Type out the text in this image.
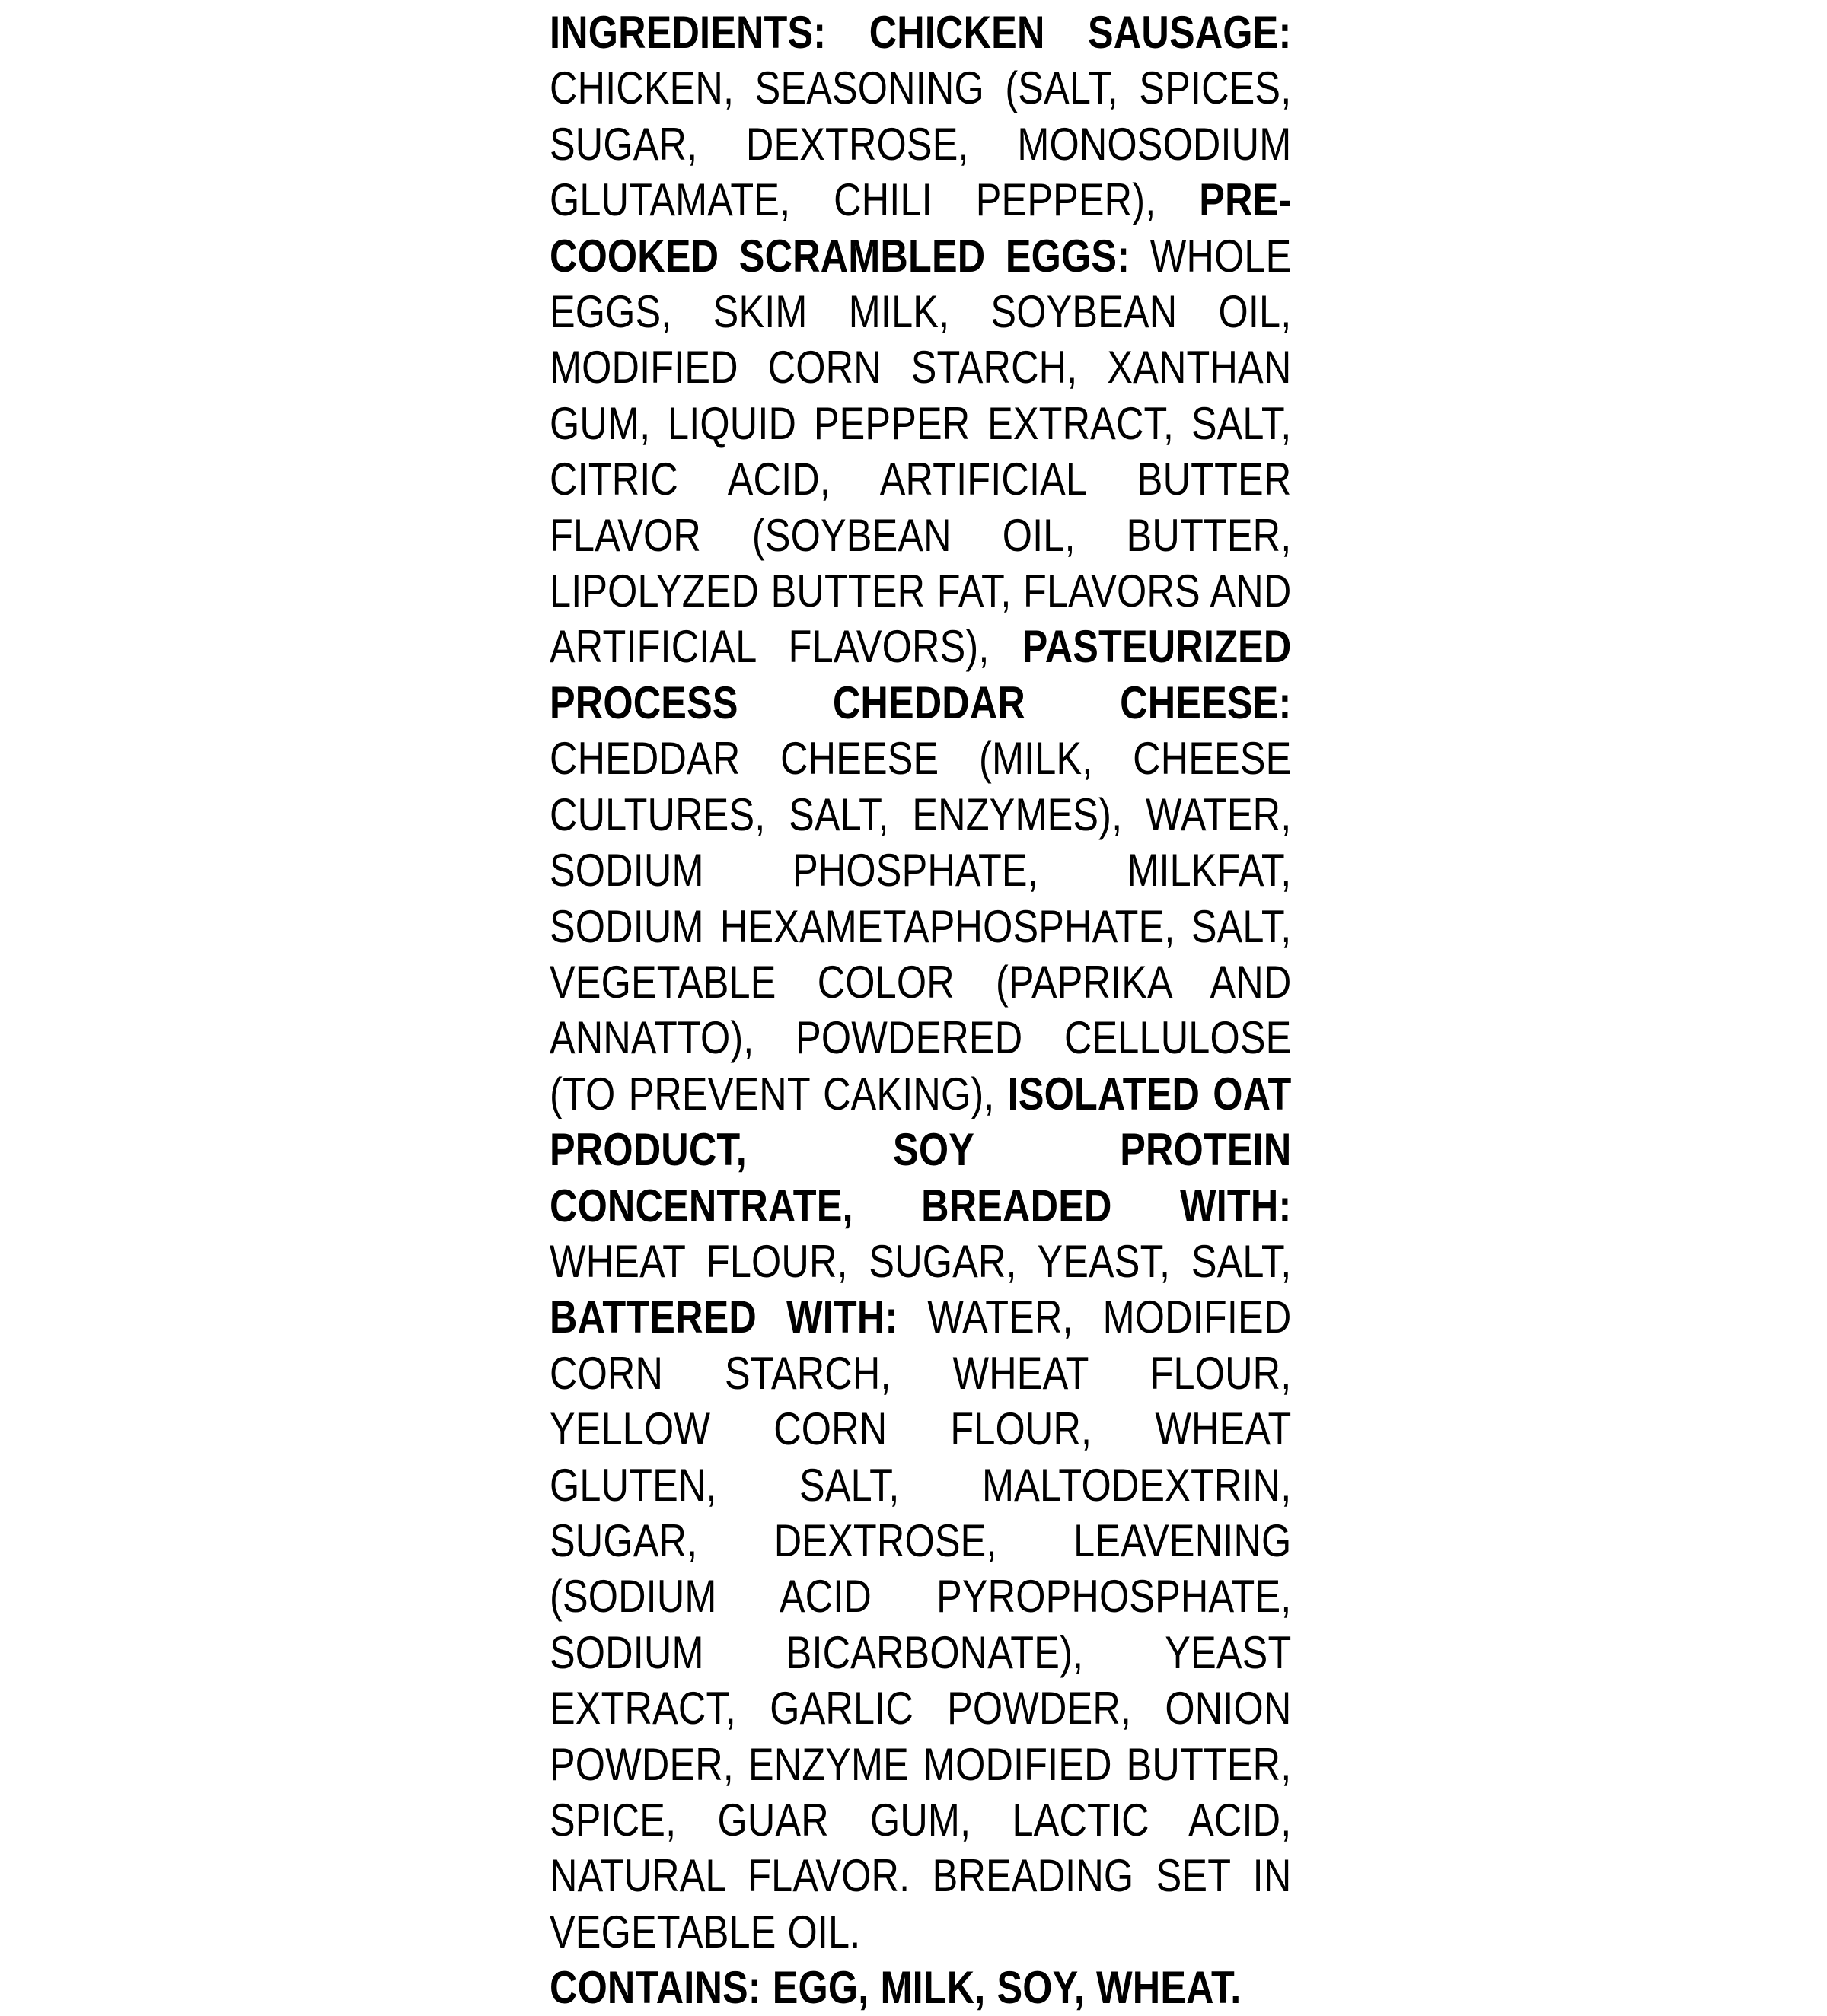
INGREDIENTS: CHICKEN SAUSAGE: CHICKEN, SEASONING (SALT, SPICES, SUGAR, DEXTROSE, MONOSODIUM GLUTAMATE, CHILI PEPPER), PRE-COOKED SCRAMBLED EGGS: WHOLE EGGS, SKIM MILK, SOYBEAN OIL, MODIFIED CORN STARCH, XANTHAN GUM, LIQUID PEPPER EXTRACT, SALT, CITRIC ACID, ARTIFICIAL BUTTER FLAVOR (SOYBEAN OIL, BUTTER, LIPOLYZED BUTTER FAT, FLAVORS AND ARTIFICIAL FLAVORS), PASTEURIZED PROCESS CHEDDAR CHEESE: CHEDDAR CHEESE (MILK, CHEESE CULTURES, SALT, ENZYMES), WATER, SODIUM PHOSPHATE, MILKFAT, SODIUM HEXAMETAPHOSPHATE, SALT, VEGETABLE COLOR (PAPRIKA AND ANNATTO), POWDERED CELLULOSE (TO PREVENT CAKING), ISOLATED OAT PRODUCT, SOY PROTEIN CONCENTRATE, BREADED WITH: WHEAT FLOUR, SUGAR, YEAST, SALT, BATTERED WITH: WATER, MODIFIED CORN STARCH, WHEAT FLOUR, YELLOW CORN FLOUR, WHEAT GLUTEN, SALT, MALTODEXTRIN, SUGAR, DEXTROSE, LEAVENING (SODIUM ACID PYROPHOSPHATE, SODIUM BICARBONATE), YEAST EXTRACT, GARLIC POWDER, ONION POWDER, ENZYME MODIFIED BUTTER, SPICE, GUAR GUM, LACTIC ACID, NATURAL FLAVOR. BREADING SET IN VEGETABLE OIL.
CONTAINS: EGG, MILK, SOY, WHEAT.
